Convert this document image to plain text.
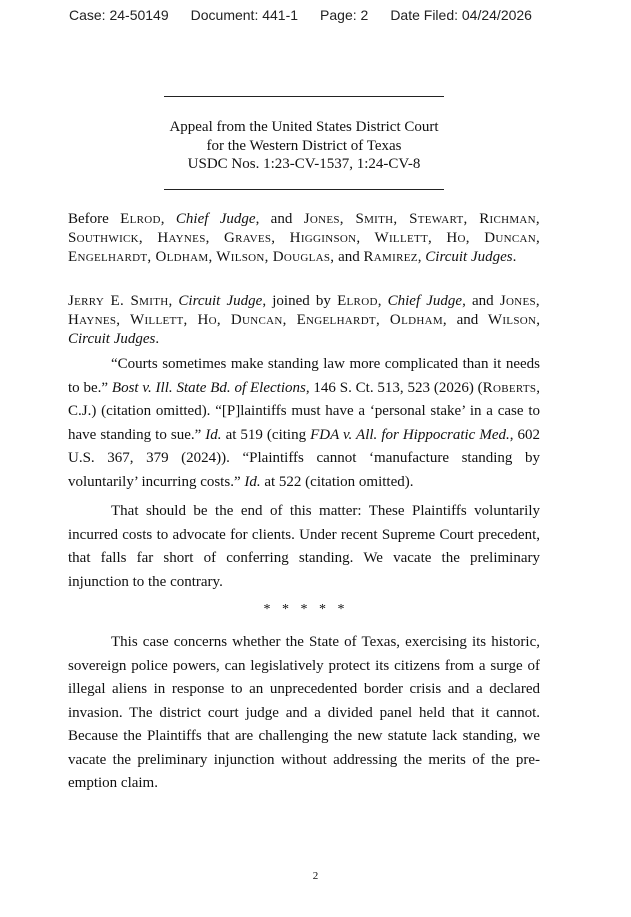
Case: 24-50149 Document: 441-1 Page: 2 Date Filed: 04/24/2026
Appeal from the United States District Court
for the Western District of Texas
USDC Nos. 1:23-CV-1537, 1:24-CV-8

Before Elrod, Chief Judge, and Jones, Smith, Stewart, Richman, Southwick, Haynes, Graves, Higginson, Willett, Ho, Duncan, Engelhardt, Oldham, Wilson, Douglas, and Ramirez, Circuit Judges.

Jerry E. Smith, Circuit Judge, joined by Elrod, Chief Judge, and Jones, Haynes, Willett, Ho, Duncan, Engelhardt, Oldham, and Wilson, Circuit Judges.

“Courts sometimes make standing law more complicated than it needs to be.” Bost v. Ill. State Bd. of Elections, 146 S. Ct. 513, 523 (2026) (Roberts, C.J.) (citation omitted). “[P]laintiffs must have a ‘personal stake’ in a case to have standing to sue.” Id. at 519 (citing FDA v. All. for Hippocratic Med., 602 U.S. 367, 379 (2024)). “Plaintiffs cannot ‘manufacture standing by voluntarily’ incurring costs.” Id. at 522 (citation omitted).

That should be the end of this matter: These Plaintiffs voluntarily incurred costs to advocate for clients. Under recent Supreme Court precedent, that falls far short of conferring standing. We vacate the preliminary injunction to the contrary.

* * * * *

This case concerns whether the State of Texas, exercising its historic, sovereign police powers, can legislatively protect its citizens from a surge of illegal aliens in response to an unprecedented border crisis and a declared invasion. The district court judge and a divided panel held that it cannot. Because the Plaintiffs that are challenging the new statute lack standing, we vacate the preliminary injunction without addressing the merits of the preemption claim.

2
